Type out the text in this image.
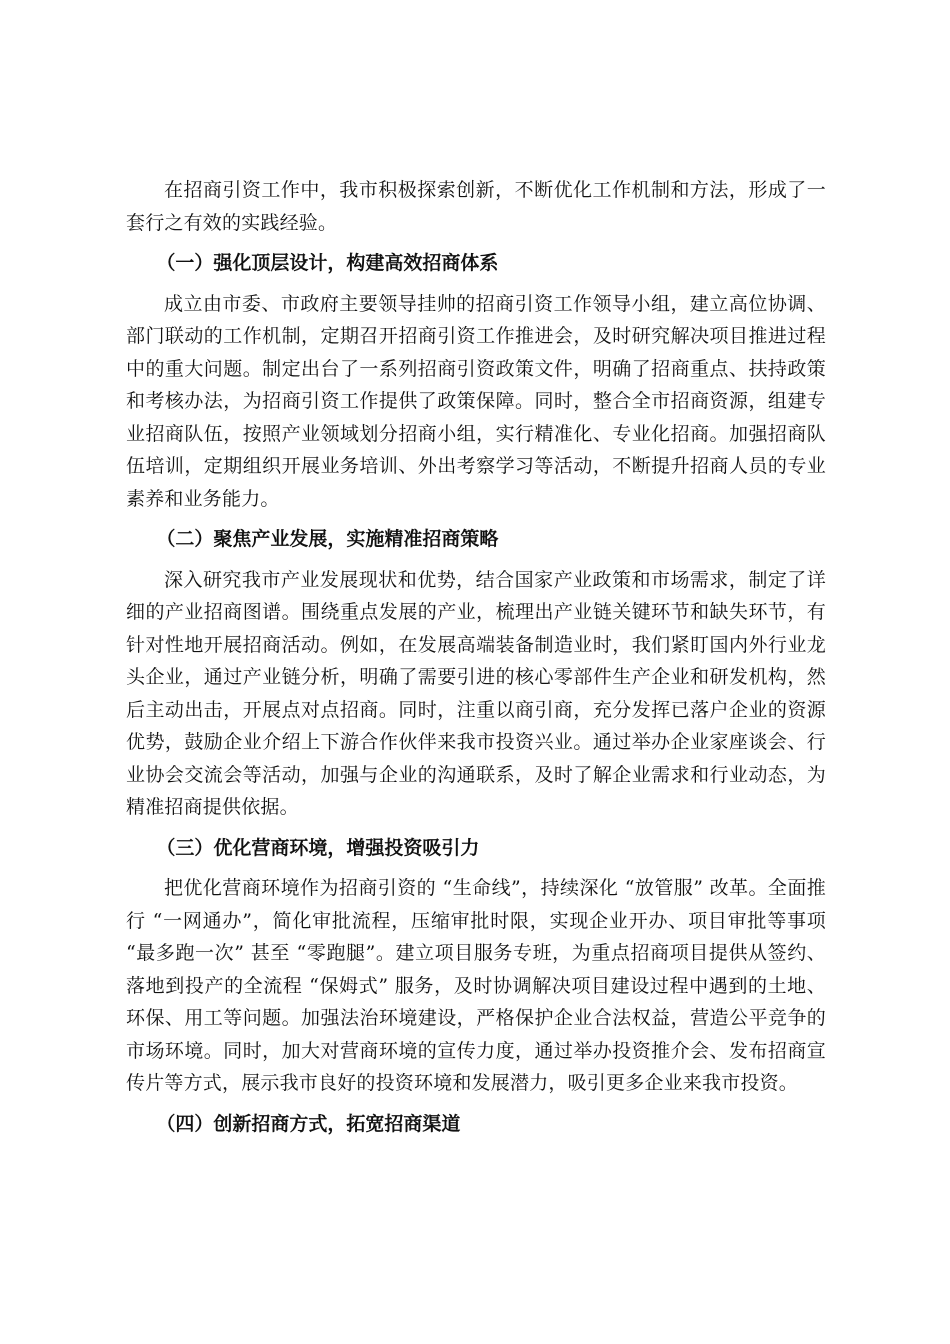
在招商引资工作中，我市积极探索创新，不断优化工作机制和方法，形成了一套行之有效的实践经验。

（一）强化顶层设计，构建高效招商体系

成立由市委、市政府主要领导挂帅的招商引资工作领导小组，建立高位协调、部门联动的工作机制，定期召开招商引资工作推进会，及时研究解决项目推进过程中的重大问题。制定出台了一系列招商引资政策文件，明确了招商重点、扶持政策和考核办法，为招商引资工作提供了政策保障。同时，整合全市招商资源，组建专业招商队伍，按照产业领域划分招商小组，实行精准化、专业化招商。加强招商队伍培训，定期组织开展业务培训、外出考察学习等活动，不断提升招商人员的专业素养和业务能力。

（二）聚焦产业发展，实施精准招商策略

深入研究我市产业发展现状和优势，结合国家产业政策和市场需求，制定了详细的产业招商图谱。围绕重点发展的产业，梳理出产业链关键环节和缺失环节，有针对性地开展招商活动。例如，在发展高端装备制造业时，我们紧盯国内外行业龙头企业，通过产业链分析，明确了需要引进的核心零部件生产企业和研发机构，然后主动出击，开展点对点招商。同时，注重以商引商，充分发挥已落户企业的资源优势，鼓励企业介绍上下游合作伙伴来我市投资兴业。通过举办企业家座谈会、行业协会交流会等活动，加强与企业的沟通联系，及时了解企业需求和行业动态，为精准招商提供依据。

（三）优化营商环境，增强投资吸引力

把优化营商环境作为招商引资的 “生命线”，持续深化 “放管服” 改革。全面推行 “一网通办”，简化审批流程，压缩审批时限，实现企业开办、项目审批等事项 “最多跑一次” 甚至 “零跑腿”。建立项目服务专班，为重点招商项目提供从签约、落地到投产的全流程 “保姆式” 服务，及时协调解决项目建设过程中遇到的土地、环保、用工等问题。加强法治环境建设，严格保护企业合法权益，营造公平竞争的市场环境。同时，加大对营商环境的宣传力度，通过举办投资推介会、发布招商宣传片等方式，展示我市良好的投资环境和发展潜力，吸引更多企业来我市投资。

（四）创新招商方式，拓宽招商渠道
